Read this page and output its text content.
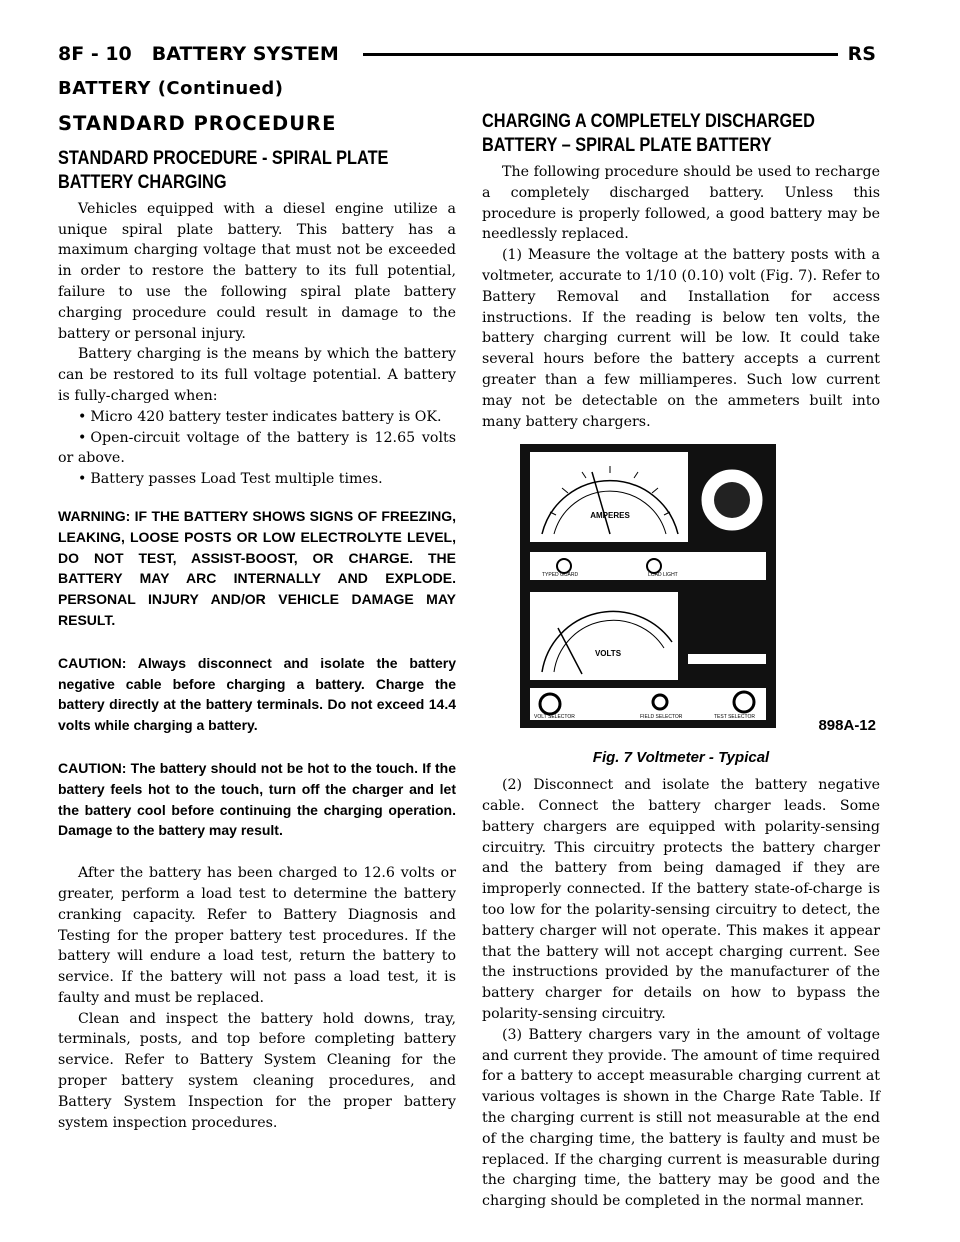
8F - 10 BATTERY SYSTEM	RS
BATTERY (Continued)
STANDARD PROCEDURE
STANDARD PROCEDURE - SPIRAL PLATE BATTERY CHARGING

Vehicles equipped with a diesel engine utilize a unique spiral plate battery. This battery has a maximum charging voltage that must not be exceeded in order to restore the battery to its full potential, failure to use the following spiral plate battery charging procedure could result in damage to the battery or personal injury.

Battery charging is the means by which the battery can be restored to its full voltage potential. A battery is fully-charged when:

• Micro 420 battery tester indicates battery is OK.

• Open-circuit voltage of the battery is 12.65 volts or above.

• Battery passes Load Test multiple times.

WARNING: IF THE BATTERY SHOWS SIGNS OF FREEZING, LEAKING, LOOSE POSTS OR LOW ELECTROLYTE LEVEL, DO NOT TEST, ASSIST-BOOST, OR CHARGE. THE BATTERY MAY ARC INTERNALLY AND EXPLODE. PERSONAL INJURY AND/OR VEHICLE DAMAGE MAY RESULT.

CAUTION: Always disconnect and isolate the battery negative cable before charging a battery. Charge the battery directly at the battery terminals. Do not exceed 14.4 volts while charging a battery.

CAUTION: The battery should not be hot to the touch. If the battery feels hot to the touch, turn off the charger and let the battery cool before continuing the charging operation. Damage to the battery may result.

After the battery has been charged to 12.6 volts or greater, perform a load test to determine the battery cranking capacity. Refer to Battery Diagnosis and Testing for the proper battery test procedures. If the battery will endure a load test, return the battery to service. If the battery will not pass a load test, it is faulty and must be replaced.

Clean and inspect the battery hold downs, tray, terminals, posts, and top before completing battery service. Refer to Battery System Cleaning for the proper battery system cleaning procedures, and Battery System Inspection for the proper battery system inspection procedures.

CHARGING A COMPLETELY DISCHARGED BATTERY – SPIRAL PLATE BATTERY

The following procedure should be used to recharge a completely discharged battery. Unless this procedure is properly followed, a good battery may be needlessly replaced.

(1) Measure the voltage at the battery posts with a voltmeter, accurate to 1/10 (0.10) volt (Fig. 7). Refer to Battery Removal and Installation for access instructions. If the reading is below ten volts, the battery charging current will be low. It could take several hours before the battery accepts a current greater than a few milliamperes. Such low current may not be detectable on the ammeters built into many battery chargers.

AMPERES
TYPED GUARD	LOAD LIGHT
VOLTS
VOLT SELECTOR	FIELD SELECTOR	TEST SELECTOR	898A-12
Fig. 7 Voltmeter - Typical

(2) Disconnect and isolate the battery negative cable. Connect the battery charger leads. Some battery chargers are equipped with polarity-sensing circuitry. This circuitry protects the battery charger and the battery from being damaged if they are improperly connected. If the battery state-of-charge is too low for the polarity-sensing circuitry to detect, the battery charger will not operate. This makes it appear that the battery will not accept charging current. See the instructions provided by the manufacturer of the battery charger for details on how to bypass the polarity-sensing circuitry.

(3) Battery chargers vary in the amount of voltage and current they provide. The amount of time required for a battery to accept measurable charging current at various voltages is shown in the Charge Rate Table. If the charging current is still not measurable at the end of the charging time, the battery is faulty and must be replaced. If the charging current is measurable during the charging time, the battery may be good and the charging should be completed in the normal manner.
